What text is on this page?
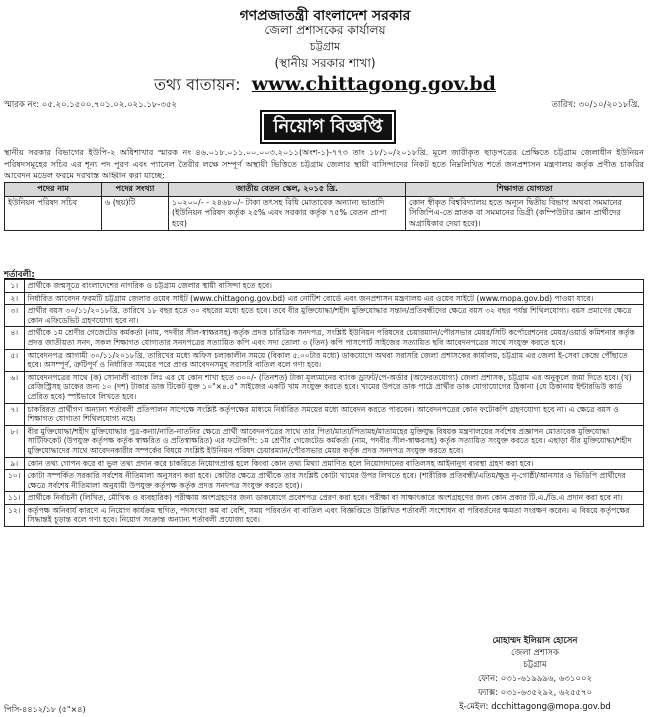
গণপ্রজাতন্ত্রী বাংলাদেশ সরকার
জেলা প্রশাসকের কার্যালয়
চট্টগ্রাম
(স্থানীয় সরকার শাখা)
তথ্য বাতায়ন: www.chittagong.gov.bd
স্মারক নং: ০৫.২০.১৫০০.৭০১.০২.০২১.১৮-৩৫২	তারিখ: ৩০/১০/২০১৮খ্রি.
নিয়োগ বিজ্ঞপ্তি
স্থানীয় সরকার বিভাগের ইউপি-২ অধিশাখার স্মারক নং ৪৬.০১৮.০১১.০০.০০৩.২০১১(অংশ-১)-৭৭৩ তাং ১৮/১০/২০১৮খ্রি. মূলে জারীকৃত ছাড়পত্রের প্রেক্ষিতে চট্টগ্রাম জেলাধীন ইউনিয়ন পরিষদসমূহের সচিব এর শূন্য পদ পূরণ এবং প্যানেল তৈরীর লক্ষে সম্পূর্ণ অস্থায়ী ভিত্তিতে চট্টগ্রাম জেলার স্থায়ী বাসিন্দাদের নিকট হতে নিম্নলিখিত শর্তে জনপ্রশাসন মন্ত্রণালয় কর্তৃক প্রণীত চাকরির আবেদন মডেল ফরমে দরখাস্ত আহ্বান করা যাচ্ছে:
পদের নাম	পদের সংখ্যা	জাতীয় বেতন স্কেল, ২০১৫ খ্রি.	শিক্ষাগত যোগ্যতা
ইউনিয়ন পরিষদ সচিব	৬ (ছয়)টি	১০২০০/- - ২৪৬৮০/- টাকা তৎসহ বিধি মোতাবেক অন্যান্য ভাতাদি (ইউনিয়ন পরিষদ কর্তৃক ২৫% এবং সরকার কর্তৃক ৭৫% বেতন প্রাপ্য হবে)	কোন স্বীকৃত বিশ্ববিদ্যালয় হতে অন্যূন দ্বিতীয় বিভাগ অথবা সমমানের সিজিপিএ-তে স্নাতক বা সমমানের ডিগ্রী (কম্পিউটার জ্ঞান প্রার্থীদের অগ্রাধিকার দেয়া হবে)।
শর্তাবলী:
১।	প্রার্থীকে জন্মসূত্রে বাংলাদেশের নাগরিক ও চট্টগ্রাম জেলার স্থায়ী বাসিন্দা হতে হবে।
২।	নির্ধারিত আবেদন ফরমটি চট্টগ্রাম জেলার ওয়েব সাইট (www.chittagong.gov.bd) এর নোটিশ বোর্ডে এবং জনপ্রশাসন মন্ত্রণালয় এর ওয়েব সাইটে (www.mopa.gov.bd) পাওয়া যাবে।
৩।	প্রার্থীর বয়স ৩০/১১/২০১৮খ্রি. তারিখে ১৮ বছর হতে ৩০ বছরের মধ্যে হতে হবে। তবে বীর মুক্তিযোদ্ধা/শহীদ মুক্তিযোদ্ধার সন্তান/প্রতিবন্ধীদের ক্ষেত্রে বয়স ৩২ বছর পর্যন্ত শিথিলযোগ্য। বয়স প্রমাণের ক্ষেত্রে কোন এফিডেভিট গ্রহণযোগ্য হবে না।
৪।	প্রার্থীকে ১ম শ্রেণীর গেজেটেড কর্মকর্তা (নাম, পদবীর সীল-স্বাক্ষরসহ) কর্তৃক প্রদত্ত চারিত্রিক সনদপত্র, সংশ্লিষ্ট ইউনিয়ন পরিষদের চেয়ারম্যান/পৌরসভার মেয়র/সিটি কর্পোরেশনের মেয়র/ওয়ার্ড কমিশনার কর্তৃক প্রদত্ত জাতীয়তা সনদ, সকল শিক্ষাগত যোগ্যতার সনদপত্রের সত্যায়িত কপি এবং সদ্য তোলা ৩ (তিন) কপি পাসপোর্ট সাইজের সত্যায়িত ছবি আবেদনপত্রের সাথে সংযুক্ত করতে হবে।
৫।	আবেদনপত্র আগামী ৩০/১১/২০১৮খ্রি. তারিখের মধ্যে অফিস চলাকালীন সময়ে (বিকাল ৫.০০টার মধ্যে) ডাকযোগে অথবা সরাসরি জেলা প্রশাসকের কার্যালয়, চট্টগ্রাম এর জেলা ই-সেবা কেন্দ্রে পৌঁছাতে হবে। অসম্পূর্ণ, ত্রুটিপূর্ণ ও নির্ধারিত সময়ের পরে প্রাপ্ত আবেদনসমূহ সরাসরি বাতিল বলে গণ্য হবে।
৬।	আবেদনপত্রের সাথে (ক) সোনালী ব্যাংক লিঃ এর যে কোন শাখা হতে ৩০০/- (তিনশত) টাকা মূল্যমানের ব্যাংক ড্রাফট/পে-অর্ডার (অফেরতযোগ্য) জেলা প্রশাসক, চট্টগ্রাম এর অনুকূলে জমা দিতে হবে। (খ) রেজিস্ট্রিসহ ডাকের জন্য ১০ (দশ) টাকার ডাক টিকেট যুক্ত ১০"×৪.৫" সাইজের একটি খাম সংযুক্ত করতে হবে। খামের উপরে ডাক পাঠে প্রার্থীর ডাক যোগাযোগের ঠিকানা (যে ঠিকানায় ইন্টারভিউ কার্ড প্রেরিত হবে) স্পষ্টভাবে লিখতে হবে।
৭।	চাকরিরত প্রার্থীগণ অন্যান্য শর্তাবলী প্রতিপালন সাপেক্ষে সংশ্লিষ্ট কর্তৃপক্ষের মাধ্যমে নির্ধারিত সময়ের মধ্যে আবেদন করতে পারবেন। আবেদনপত্রের কোন ফটোকপি গ্রহণযোগ্য হবে না। এ ক্ষেত্রে বয়স ও শিক্ষাগত যোগ্যতা শিথিলযোগ্য নহে।
৮।	বীর মুক্তিযোদ্ধা/শহীদ মুক্তিযোদ্ধার পুত্র-কন্যা/নাতি-নাতনির ক্ষেত্রে প্রার্থী আবেদনপত্রের সাথে তার পিতা/মাতা/পিতামহ/মাতামহের মুক্তিযুদ্ধ বিষয়ক মন্ত্রণালয়ের সর্বশেষ প্রজ্ঞাপন মোতাবেক মুক্তিযোদ্ধা সার্টিফিকেট (উপযুক্ত কর্তৃপক্ষ কর্তৃক স্বাক্ষরিত ও প্রতিস্বাক্ষরিত) এর ফটোকপি: ১ম শ্রেণীর গেজেটেড কর্মকর্তা (নাম, পদবীর সীল-স্বাক্ষরসহ) কর্তৃক সত্যায়িত সংযুক্ত করতে হবে। এছাড়া বীর মুক্তিযোদ্ধা/শহীদ মুক্তিযোদ্ধাদের সাথে আবেদনকারীর সম্পর্কের বিষয়ে সংশ্লিষ্ট ইউনিয়ন পরিষদ চেয়ারম্যান/পৌরসভার মেয়র কর্তৃক প্রদত্ত সনদপত্র সংযুক্ত করতে হবে।
৯।	কোন তথ্য গোপন করে বা ভুল তথ্য প্রদান করে চাকরিতে নিয়োগপ্রাপ্ত হলে কিংবা কোন তথ্য মিথ্যা প্রমাণিত হলে নিয়োগদানের বাতিলসহ আইনানুগ ব্যবস্থা গ্রহণ করা হবে।
১০।	কোটা সম্পর্কিত সরকারি সর্বশেষ নীতিমালা অনুসরণ করা হবে। কোটার ক্ষেত্রে প্রার্থীকে তার সংশ্লিষ্ট কোটা খামের উপর লিখতে হবে। (শারীরিক প্রতিবন্ধী/এতিম/ক্ষুদ্র নৃ-গোষ্ঠী/আনসার ও ভিডিপি প্রার্থীদের ক্ষেত্রে সর্বশেষ নীতিমালা অনুযায়ী উপযুক্ত কর্তৃপক্ষ কর্তৃক প্রদত্ত সনদপত্র সংযুক্ত করতে হবে)।
১১।	প্রার্থীকে নির্বাচনী (লিখিত, মৌখিক ও ব্যবহারিক) পরীক্ষায় অংশগ্রহণের জন্য ডাকযোগে প্রবেশপত্র প্রেরণ করা হবে। পরীক্ষা বা সাক্ষাৎকারে অংশগ্রহণের জন্য কোন প্রকার টি.এ./ডি.এ প্রদান করা হবে না।
১২।	কর্তৃপক্ষ অনিবার্য কারণে এ নিয়োগ কার্যক্রম স্থগিত, পদসংখ্যা কম বা বেশি, সময় পরিবর্তন বা বাতিল এবং বিজ্ঞপ্তিতে উল্লিখিত শর্তাবলী সংশোধন বা পরিবর্তনের ক্ষমতা সংরক্ষণ করেন। এ বিষয়ে কর্তৃপক্ষের সিদ্ধান্তই চূড়ান্ত বলে গণ্য হবে। নিয়োগ সংক্রান্ত অন্যান্য শর্তাবলী প্রযোজ্য হবে।
মোহাম্মদ ইলিয়াস হোসেন
জেলা প্রশাসক
চট্টগ্রাম
ফোন: ০৩১-৬১৯৯৯৬, ৬৩১০০২
ফ্যাক্স: ০৩১-৬৩৫২৯২, ৬২৫৫৭০
ই-মেইল: dcchittagong@mopa.gov.bd
পিসি-৪৪১২/১৮ (৫"×৪)
